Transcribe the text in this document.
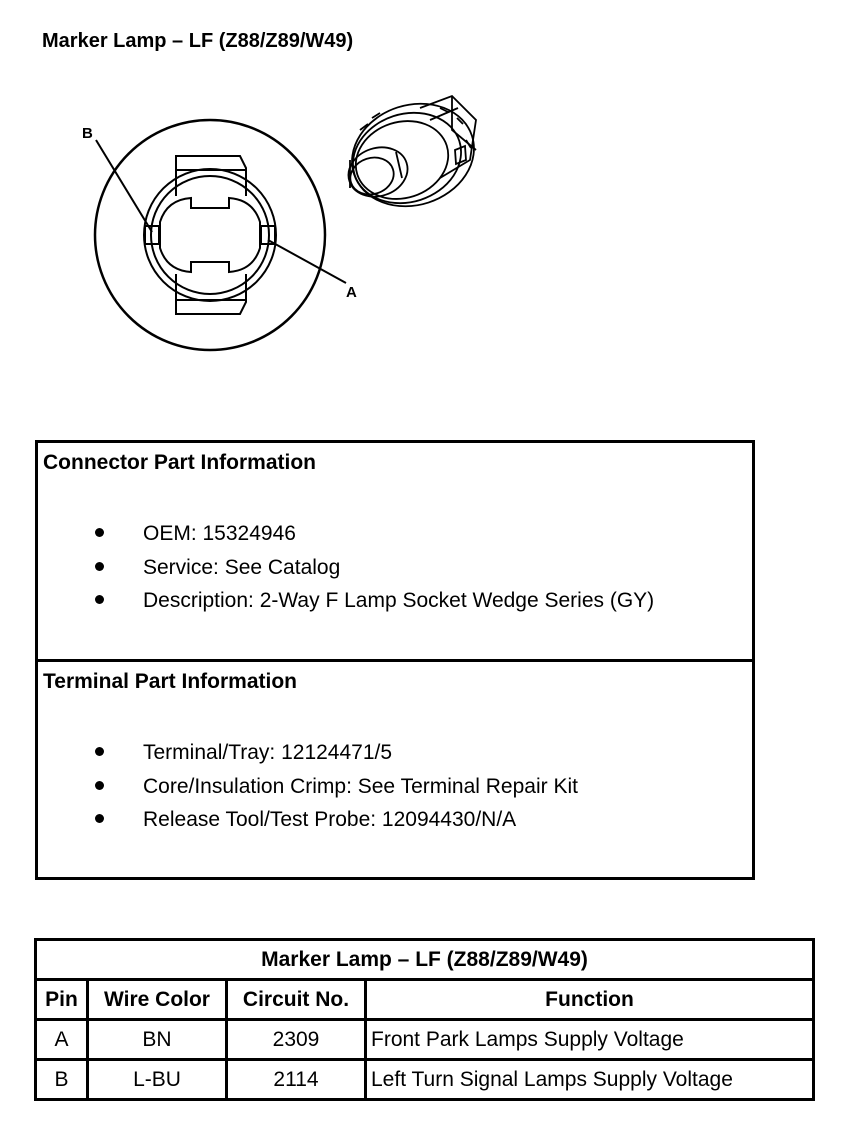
Marker Lamp – LF (Z88/Z89/W49)
B
A
Connector Part Information
OEM: 15324946
Service: See Catalog
Description: 2-Way F Lamp Socket Wedge Series (GY)
Terminal Part Information
Terminal/Tray: 12124471/5
Core/Insulation Crimp: See Terminal Repair Kit
Release Tool/Test Probe: 12094430/N/A
Marker Lamp – LF (Z88/Z89/W49)			
Pin	Wire Color	Circuit No.	Function
A	BN	2309	Front Park Lamps Supply Voltage
B	L-BU	2114	Left Turn Signal Lamps Supply Voltage
